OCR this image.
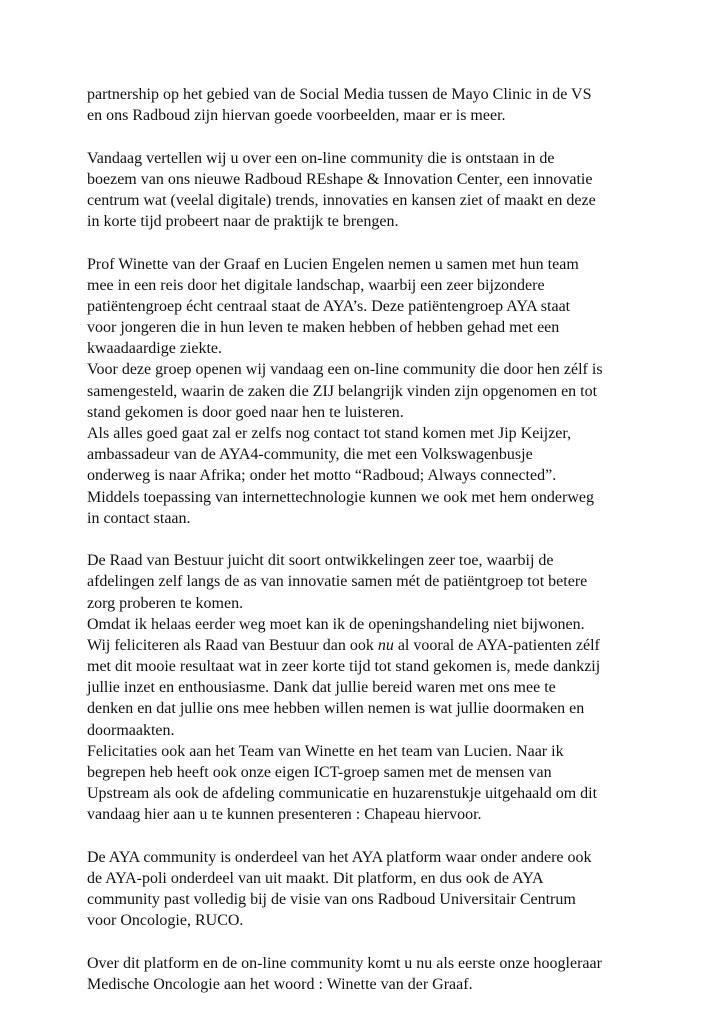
partnership op het gebied van de Social Media tussen de Mayo Clinic in de VS
en ons Radboud zijn hiervan goede voorbeelden, maar er is meer.
Vandaag vertellen wij u over een on-line community die is ontstaan in de
boezem van ons nieuwe Radboud REshape & Innovation Center, een innovatie
centrum wat (veelal digitale) trends, innovaties en kansen ziet of maakt en deze
in korte tijd probeert naar de praktijk te brengen.
Prof Winette van der Graaf en Lucien Engelen nemen u samen met hun team
mee in een reis door het digitale landschap, waarbij een zeer bijzondere
patiëntengroep écht centraal staat de AYA’s. Deze patiëntengroep AYA staat
voor jongeren die in hun leven te maken hebben of hebben gehad met een
kwaadaardige ziekte.
Voor deze groep openen wij vandaag een on-line community die door hen zélf is
samengesteld, waarin de zaken die ZIJ belangrijk vinden zijn opgenomen en tot
stand gekomen is door goed naar hen te luisteren.
Als alles goed gaat zal er zelfs nog contact tot stand komen met Jip Keijzer,
ambassadeur van de AYA4-community, die met een Volkswagenbusje
onderweg is naar Afrika; onder het motto “Radboud; Always connected”.
Middels toepassing van internettechnologie kunnen we ook met hem onderweg
in contact staan.
De Raad van Bestuur juicht dit soort ontwikkelingen zeer toe, waarbij de
afdelingen zelf langs de as van innovatie samen mét de patiëntgroep tot betere
zorg proberen te komen.
Omdat ik helaas eerder weg moet kan ik de openingshandeling niet bijwonen.
Wij feliciteren als Raad van Bestuur dan ook nu al vooral de AYA-patienten zélf
met dit mooie resultaat wat in zeer korte tijd tot stand gekomen is, mede dankzij
jullie inzet en enthousiasme. Dank dat jullie bereid waren met ons mee te
denken en dat jullie ons mee hebben willen nemen is wat jullie doormaken en
doormaakten.
Felicitaties ook aan het Team van Winette en het team van Lucien. Naar ik
begrepen heb heeft ook onze eigen ICT-groep samen met de mensen van
Upstream als ook de afdeling communicatie en huzarenstukje uitgehaald om dit
vandaag hier aan u te kunnen presenteren : Chapeau hiervoor.
De AYA community is onderdeel van het AYA platform waar onder andere ook
de AYA-poli onderdeel van uit maakt. Dit platform, en dus ook de AYA
community past volledig bij de visie van ons Radboud Universitair Centrum
voor Oncologie, RUCO.
Over dit platform en de on-line community komt u nu als eerste onze hoogleraar
Medische Oncologie aan het woord : Winette van der Graaf.
